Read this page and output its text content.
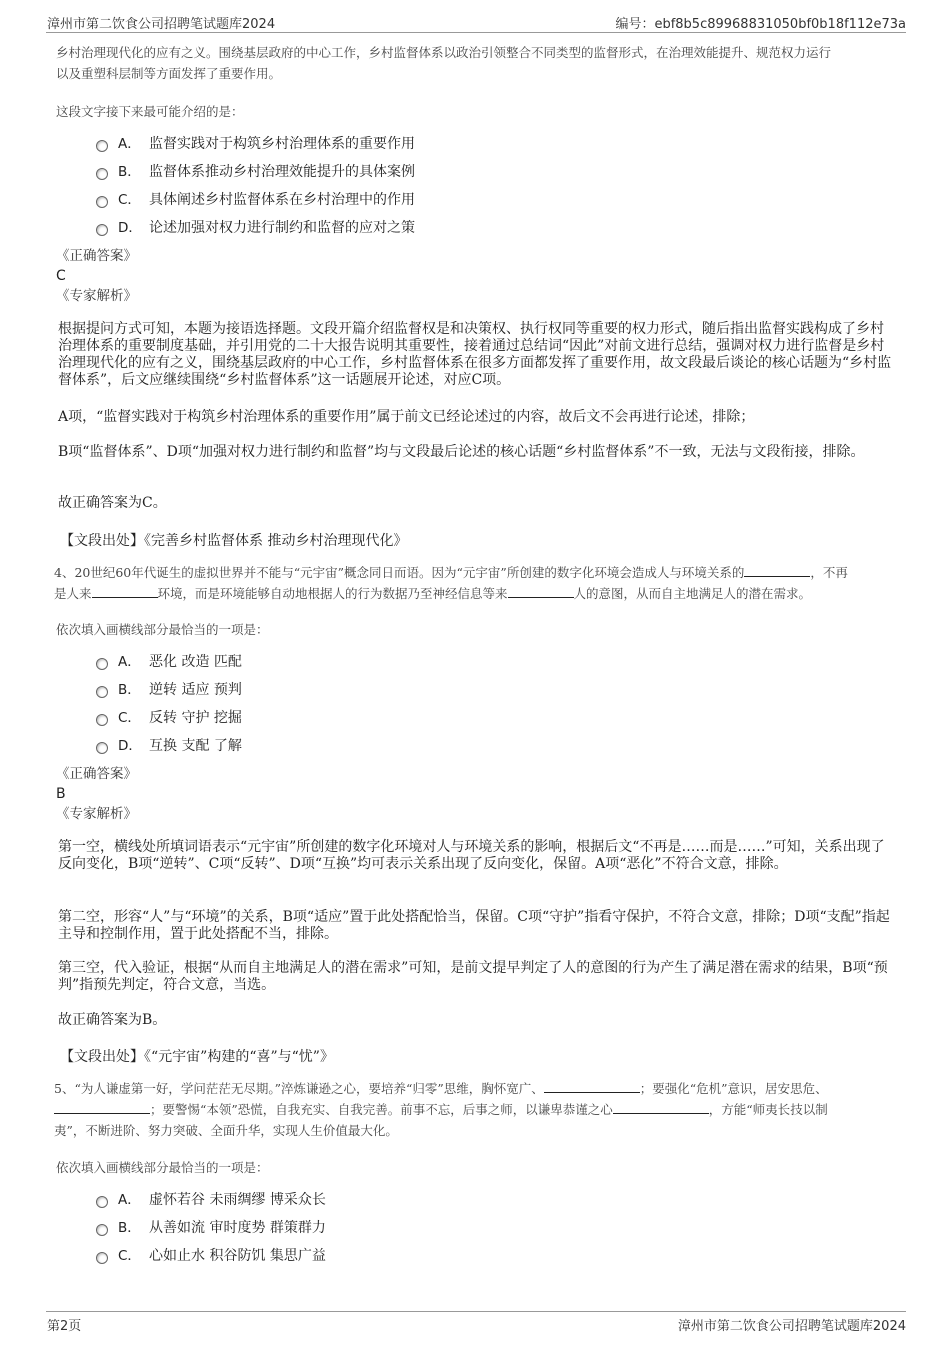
漳州市第二饮食公司招聘笔试题库2024	编号：ebf8b5c89968831050bf0b18f112e73a

乡村治理现代化的应有之义。围绕基层政府的中心工作，乡村监督体系以政治引领整合不同类型的监督形式，在治理效能提升、规范权力运行

以及重塑科层制等方面发挥了重要作用。

这段文字接下来最可能介绍的是：

A． 监督实践对于构筑乡村治理体系的重要作用
B． 监督体系推动乡村治理效能提升的具体案例
C． 具体阐述乡村监督体系在乡村治理中的作用
D． 论述加强对权力进行制约和监督的应对之策

《正确答案》

C

《专家解析》

根据提问方式可知，本题为接语选择题。文段开篇介绍监督权是和决策权、执行权同等重要的权力形式，随后指出监督实践构成了乡村治理体系的重要制度基础，并引用党的二十大报告说明其重要性，接着通过总结词“因此”对前文进行总结，强调对权力进行监督是乡村治理现代化的应有之义，围绕基层政府的中心工作，乡村监督体系在很多方面都发挥了重要作用，故文段最后谈论的核心话题为“乡村监督体系”，后文应继续围绕“乡村监督体系”这一话题展开论述，对应C项。

A项，“监督实践对于构筑乡村治理体系的重要作用”属于前文已经论述过的内容，故后文不会再进行论述，排除；

B项“监督体系”、D项“加强对权力进行制约和监督”均与文段最后论述的核心话题“乡村监督体系”不一致，无法与文段衔接，排除。

故正确答案为C。

【文段出处】《完善乡村监督体系 推动乡村治理现代化》

4、20世纪60年代诞生的虚拟世界并不能与“元宇宙”概念同日而语。因为“元宇宙”所创建的数字化环境会造成人与环境关系的	，不再

是人来	环境，而是环境能够自动地根据人的行为数据乃至神经信息等来	人的意图，从而自主地满足人的潜在需求。

依次填入画横线部分最恰当的一项是：

A． 恶化 改造 匹配
B． 逆转 适应 预判
C． 反转 守护 挖掘
D． 互换 支配 了解

《正确答案》

B

《专家解析》

第一空，横线处所填词语表示“元宇宙”所创建的数字化环境对人与环境关系的影响，根据后文“不再是……而是……”可知，关系出现了反向变化，B项“逆转”、C项“反转”、D项“互换”均可表示关系出现了反向变化，保留。A项“恶化”不符合文意，排除。

第二空，形容“人”与“环境”的关系，B项“适应”置于此处搭配恰当，保留。C项“守护”指看守保护，不符合文意，排除；D项“支配”指起主导和控制作用，置于此处搭配不当，排除。

第三空，代入验证，根据“从而自主地满足人的潜在需求”可知，是前文提早判定了人的意图的行为产生了满足潜在需求的结果，B项“预判”指预先判定，符合文意，当选。

故正确答案为B。

【文段出处】《“元宇宙”构建的“喜”与“忧”》

5、“为人谦虚第一好，学问茫茫无尽期。”淬炼谦逊之心，要培养“归零”思维，胸怀宽广、	；要强化“危机”意识，居安思危、

；要警惕“本领”恐慌，自我充实、自我完善。前事不忘，后事之师，以谦卑恭谨之心	，方能“师夷长技以制

夷”，不断进阶、努力突破、全面升华，实现人生价值最大化。

依次填入画横线部分最恰当的一项是：

A． 虚怀若谷 未雨绸缪 博采众长
B． 从善如流 审时度势 群策群力
C． 心如止水 积谷防饥 集思广益
第2页	漳州市第二饮食公司招聘笔试题库2024
